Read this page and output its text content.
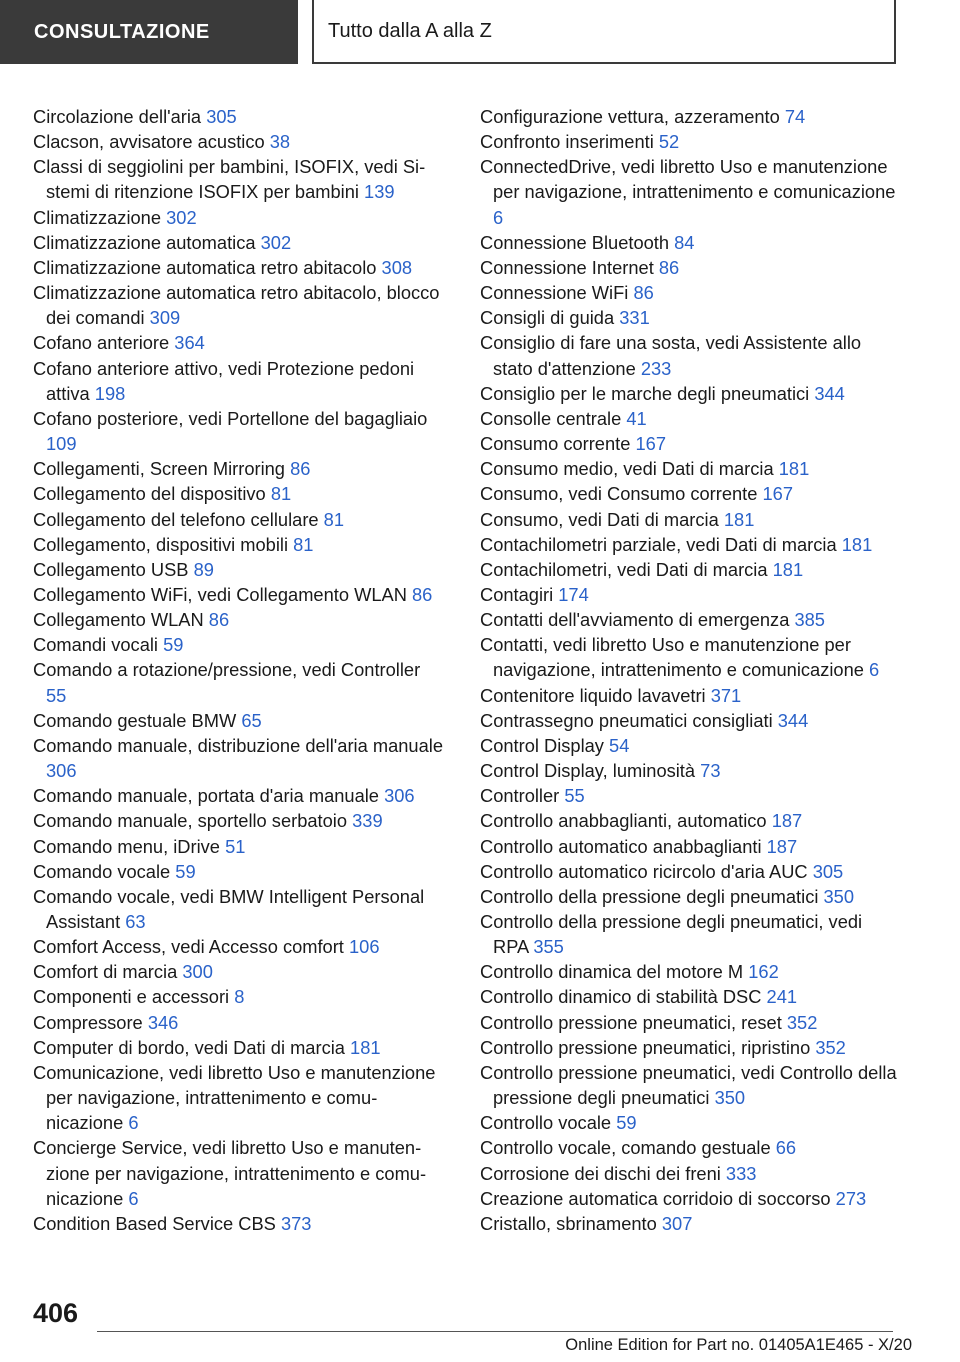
CONSULTAZIONE	Tutto dalla A alla Z
Circolazione dell'aria 305
Clacson, avvisatore acustico 38
Classi di seggiolini per bambini, ISOFIX, vedi Sistemi di ritenzione ISOFIX per bambini 139
Climatizzazione 302
Climatizzazione automatica 302
Climatizzazione automatica retro abitacolo 308
Climatizzazione automatica retro abitacolo, blocco dei comandi 309
Cofano anteriore 364
Cofano anteriore attivo, vedi Protezione pedoni attiva 198
Cofano posteriore, vedi Portellone del bagagliaio 109
Collegamenti, Screen Mirroring 86
Collegamento del dispositivo 81
Collegamento del telefono cellulare 81
Collegamento, dispositivi mobili 81
Collegamento USB 89
Collegamento WiFi, vedi Collegamento WLAN 86
Collegamento WLAN 86
Comandi vocali 59
Comando a rotazione/pressione, vedi Controller 55
Comando gestuale BMW 65
Comando manuale, distribuzione dell'aria manuale 306
Comando manuale, portata d'aria manuale 306
Comando manuale, sportello serbatoio 339
Comando menu, iDrive 51
Comando vocale 59
Comando vocale, vedi BMW Intelligent Personal Assistant 63
Comfort Access, vedi Accesso comfort 106
Comfort di marcia 300
Componenti e accessori 8
Compressore 346
Computer di bordo, vedi Dati di marcia 181
Comunicazione, vedi libretto Uso e manutenzione per navigazione, intrattenimento e comunicazione 6
Concierge Service, vedi libretto Uso e manutenzione per navigazione, intrattenimento e comunicazione 6
Condition Based Service CBS 373
Configurazione vettura, azzeramento 74
Confronto inserimenti 52
ConnectedDrive, vedi libretto Uso e manutenzione per navigazione, intrattenimento e comunicazione 6
Connessione Bluetooth 84
Connessione Internet 86
Connessione WiFi 86
Consigli di guida 331
Consiglio di fare una sosta, vedi Assistente allo stato d'attenzione 233
Consiglio per le marche degli pneumatici 344
Consolle centrale 41
Consumo corrente 167
Consumo medio, vedi Dati di marcia 181
Consumo, vedi Consumo corrente 167
Consumo, vedi Dati di marcia 181
Contachilometri parziale, vedi Dati di marcia 181
Contachilometri, vedi Dati di marcia 181
Contagiri 174
Contatti dell'avviamento di emergenza 385
Contatti, vedi libretto Uso e manutenzione per navigazione, intrattenimento e comunicazione 6
Contenitore liquido lavavetri 371
Contrassegno pneumatici consigliati 344
Control Display 54
Control Display, luminosità 73
Controller 55
Controllo anabbaglianti, automatico 187
Controllo automatico anabbaglianti 187
Controllo automatico ricircolo d'aria AUC 305
Controllo della pressione degli pneumatici 350
Controllo della pressione degli pneumatici, vedi RPA 355
Controllo dinamica del motore M 162
Controllo dinamico di stabilità DSC 241
Controllo pressione pneumatici, reset 352
Controllo pressione pneumatici, ripristino 352
Controllo pressione pneumatici, vedi Controllo della pressione degli pneumatici 350
Controllo vocale 59
Controllo vocale, comando gestuale 66
Corrosione dei dischi dei freni 333
Creazione automatica corridoio di soccorso 273
Cristallo, sbrinamento 307
406
Online Edition for Part no. 01405A1E465 - X/20
